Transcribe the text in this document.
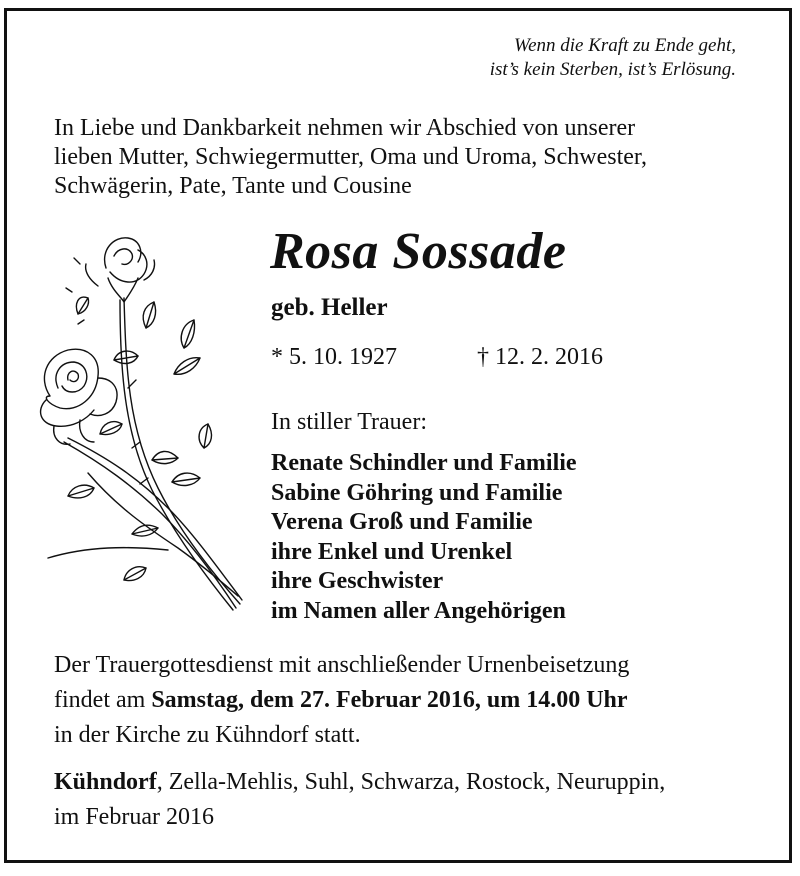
Wenn die Kraft zu Ende geht,
ist’s kein Sterben, ist’s Erlösung.
In Liebe und Dankbarkeit nehmen wir Abschied von unserer
lieben Mutter, Schwiegermutter, Oma und Uroma, Schwester,
Schwägerin, Pate, Tante und Cousine
Rosa Sossade
geb. Heller
* 5. 10. 1927	† 12. 2. 2016
In stiller Trauer:
Renate Schindler und Familie
Sabine Göhring und Familie
Verena Groß und Familie
ihre Enkel und Urenkel
ihre Geschwister
im Namen aller Angehörigen
Der Trauergottesdienst mit anschließender Urnenbeisetzung
findet am Samstag, dem 27. Februar 2016, um 14.00 Uhr
in der Kirche zu Kühndorf statt.
Kühndorf, Zella-Mehlis, Suhl, Schwarza, Rostock, Neuruppin,
im Februar 2016
